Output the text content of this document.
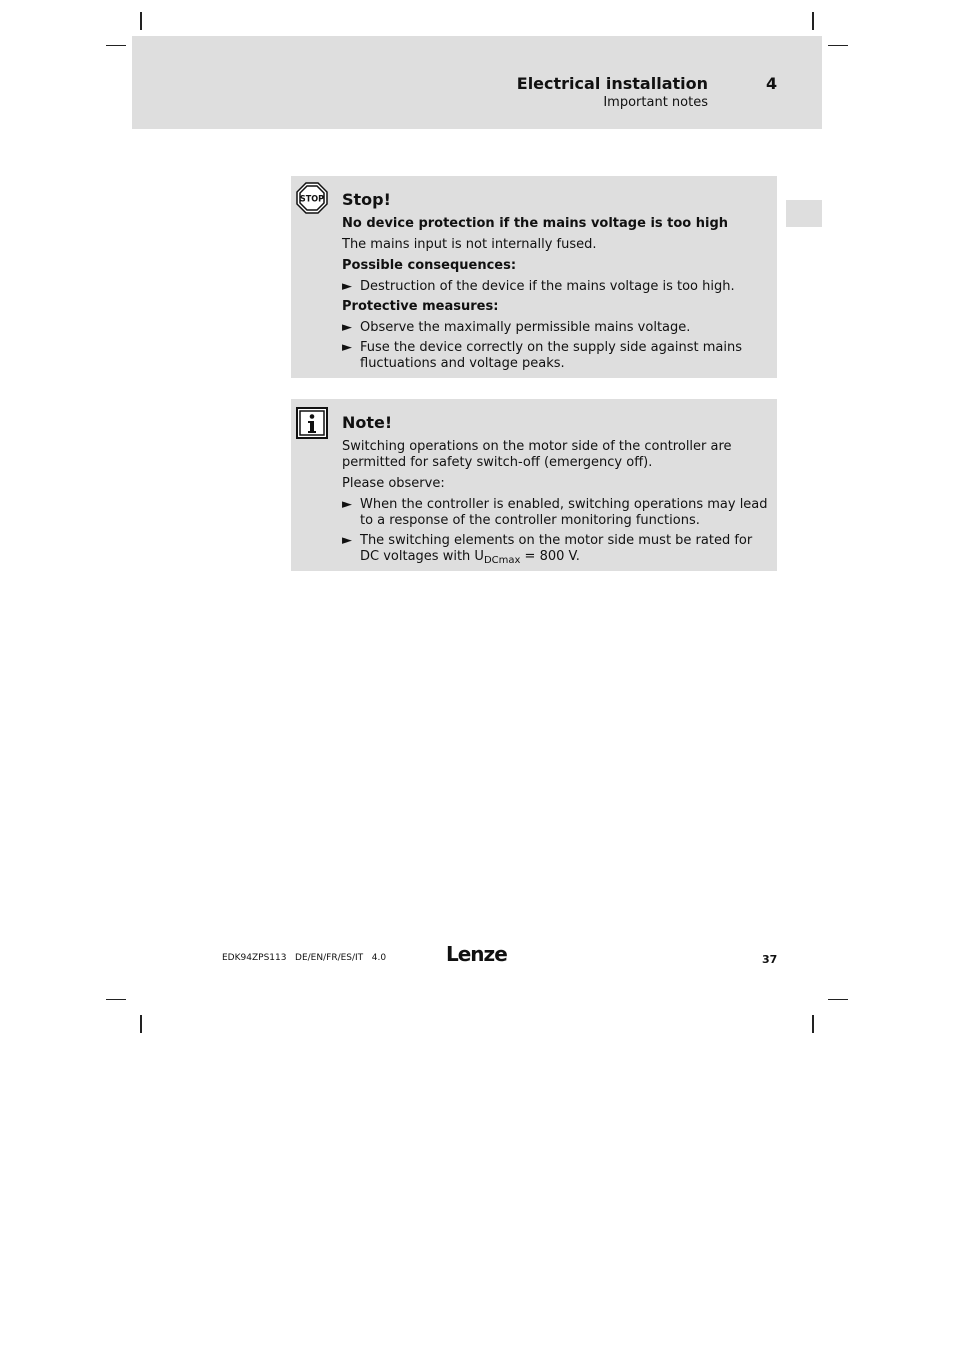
Electrical installation	4
Important notes
STOP Stop!
No device protection if the mains voltage is too high
The mains input is not internally fused.
Possible consequences:
► Destruction of the device if the mains voltage is too high.
Protective measures:
► Observe the maximally permissible mains voltage.
► Fuse the device correctly on the supply side against mains fluctuations and voltage peaks.
Note!
Switching operations on the motor side of the controller are permitted for safety switch-off (emergency off).
Please observe:
► When the controller is enabled, switching operations may lead to a response of the controller monitoring functions.
► The switching elements on the motor side must be rated for DC voltages with $U_{DCmax} = 800$ V.
EDK94ZPS113   DE/EN/FR/ES/IT   4.0	Lenze	37
